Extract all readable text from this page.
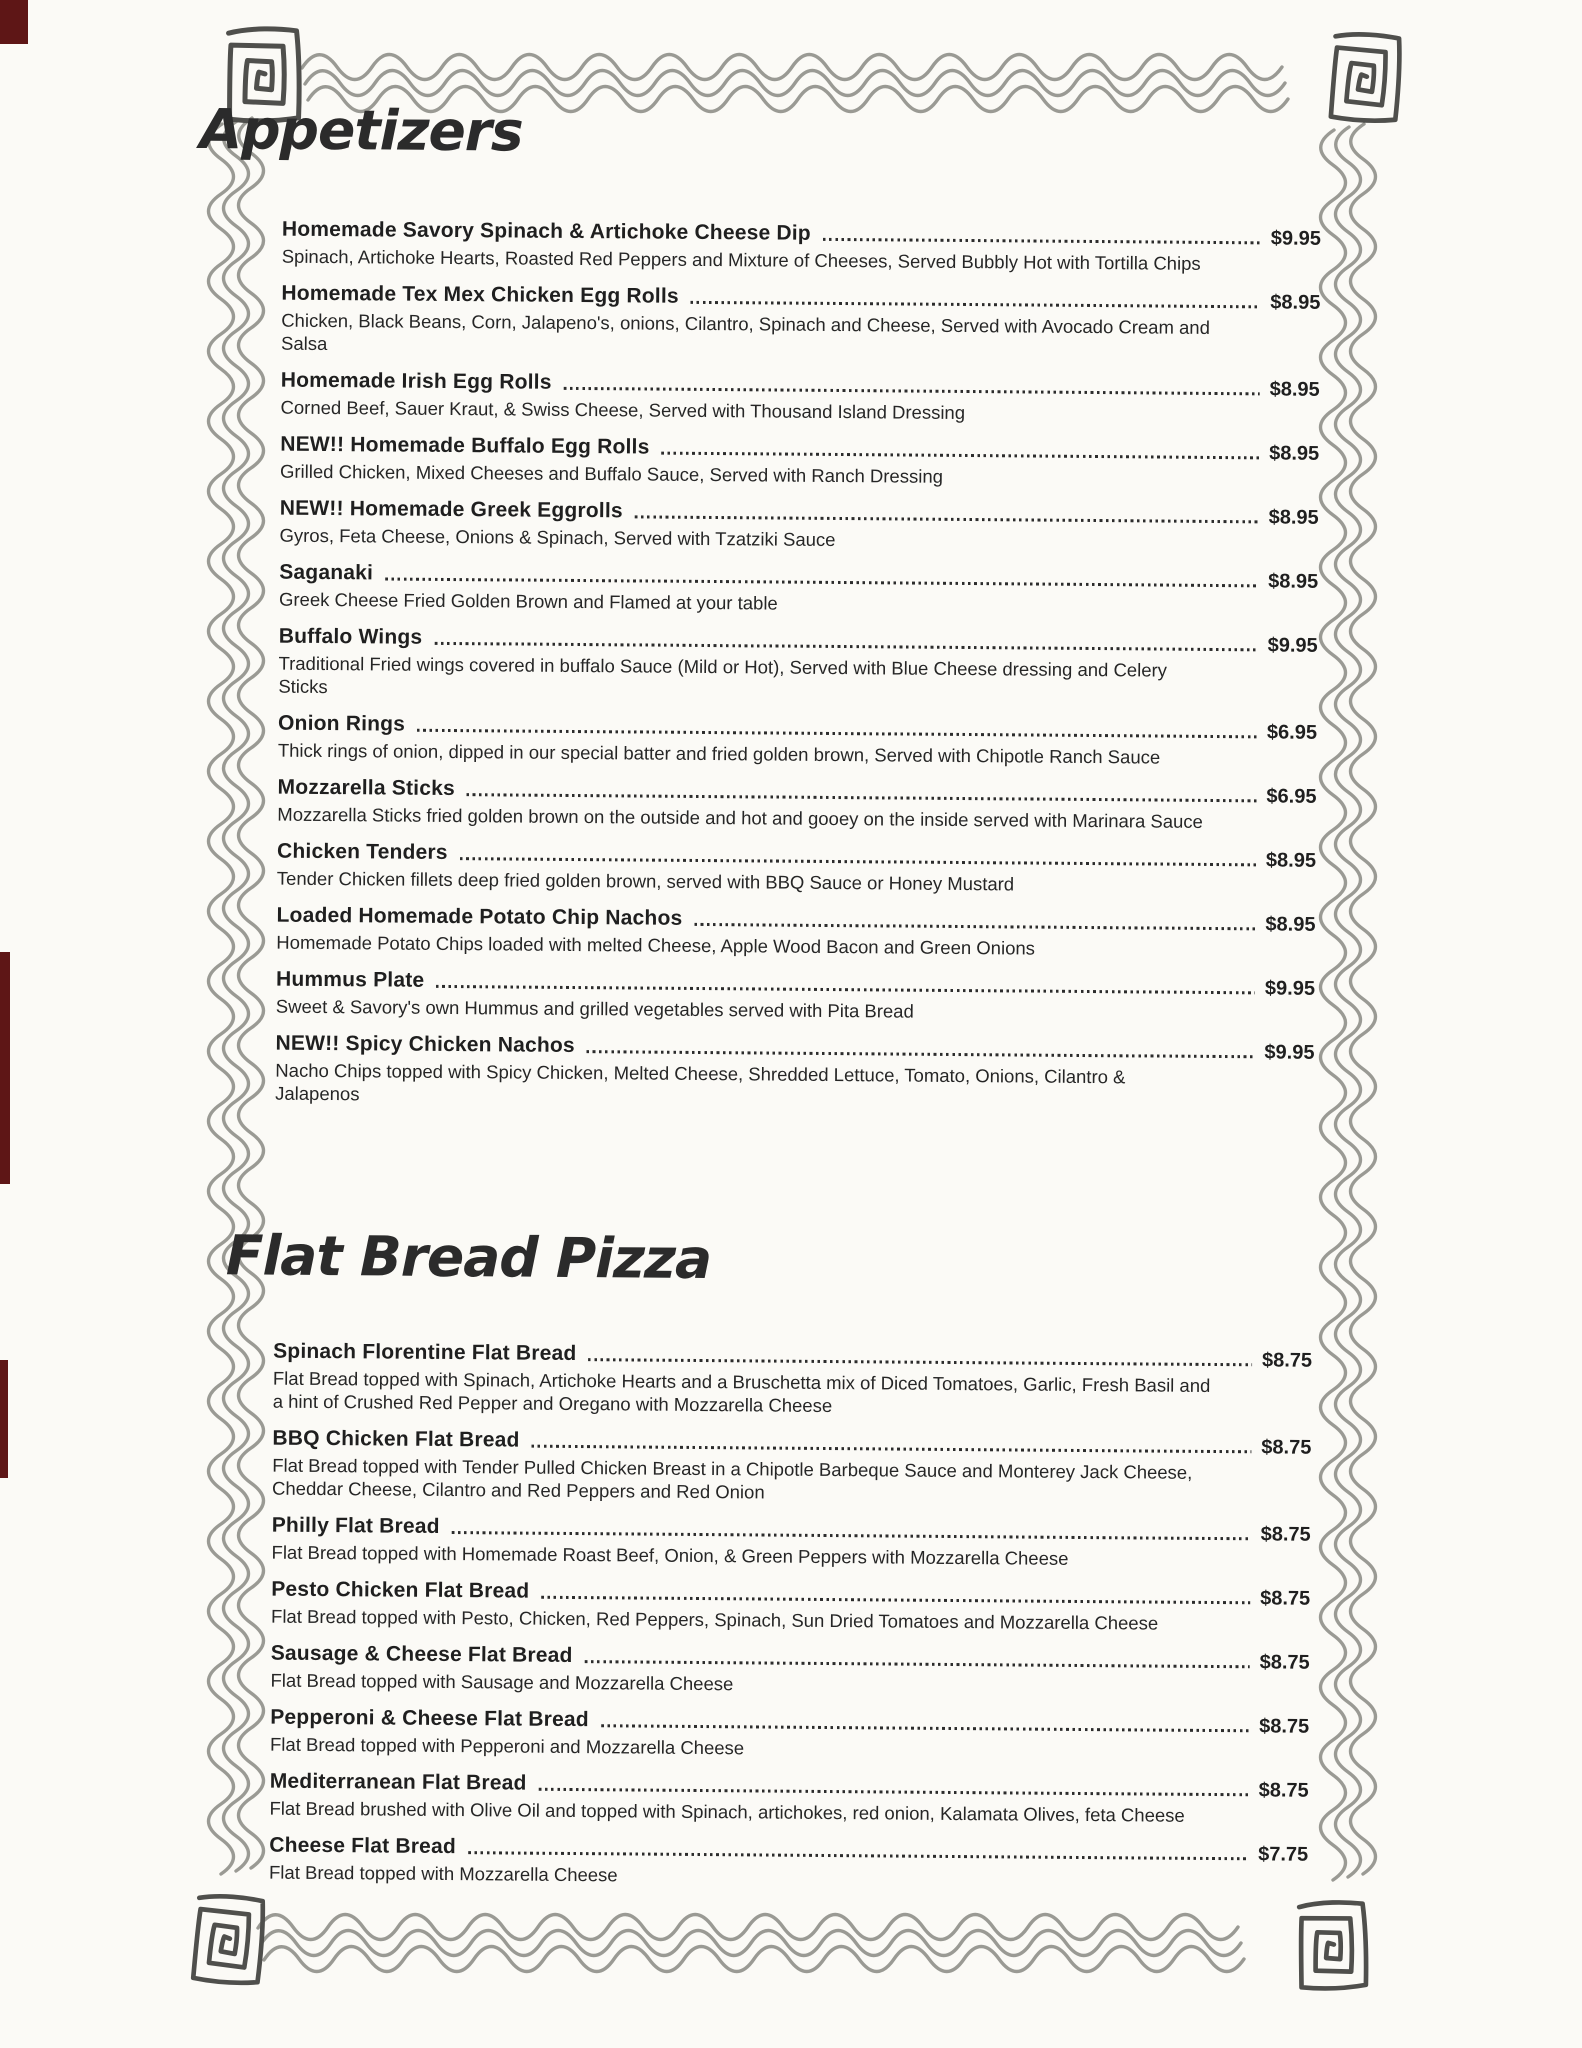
Appetizers
Homemade Savory Spinach & Artichoke Cheese Dip	$9.95
Spinach, Artichoke Hearts, Roasted Red Peppers and Mixture of Cheeses, Served Bubbly Hot with Tortilla Chips
Homemade Tex Mex Chicken Egg Rolls	$8.95
Chicken, Black Beans, Corn, Jalapeno's, onions, Cilantro, Spinach and Cheese, Served with Avocado Cream and Salsa
Homemade Irish Egg Rolls	$8.95
Corned Beef, Sauer Kraut, & Swiss Cheese, Served with Thousand Island Dressing
NEW!! Homemade Buffalo Egg Rolls	$8.95
Grilled Chicken, Mixed Cheeses and Buffalo Sauce, Served with Ranch Dressing
NEW!! Homemade Greek Eggrolls	$8.95
Gyros, Feta Cheese, Onions & Spinach, Served with Tzatziki Sauce
Saganaki	$8.95
Greek Cheese Fried Golden Brown and Flamed at your table
Buffalo Wings	$9.95
Traditional Fried wings covered in buffalo Sauce (Mild or Hot), Served with Blue Cheese dressing and Celery Sticks
Onion Rings	$6.95
Thick rings of onion, dipped in our special batter and fried golden brown, Served with Chipotle Ranch Sauce
Mozzarella Sticks	$6.95
Mozzarella Sticks fried golden brown on the outside and hot and gooey on the inside served with Marinara Sauce
Chicken Tenders	$8.95
Tender Chicken fillets deep fried golden brown, served with BBQ Sauce or Honey Mustard
Loaded Homemade Potato Chip Nachos	$8.95
Homemade Potato Chips loaded with melted Cheese, Apple Wood Bacon and Green Onions
Hummus Plate	$9.95
Sweet & Savory's own Hummus and grilled vegetables served with Pita Bread
NEW!! Spicy Chicken Nachos	$9.95
Nacho Chips topped with Spicy Chicken, Melted Cheese, Shredded Lettuce, Tomato, Onions, Cilantro & Jalapenos
Flat Bread Pizza
Spinach Florentine Flat Bread	$8.75
Flat Bread topped with Spinach, Artichoke Hearts and a Bruschetta mix of Diced Tomatoes, Garlic, Fresh Basil and a hint of Crushed Red Pepper and Oregano with Mozzarella Cheese
BBQ Chicken Flat Bread	$8.75
Flat Bread topped with Tender Pulled Chicken Breast in a Chipotle Barbeque Sauce and Monterey Jack Cheese, Cheddar Cheese, Cilantro and Red Peppers and Red Onion
Philly Flat Bread	$8.75
Flat Bread topped with Homemade Roast Beef, Onion, & Green Peppers with Mozzarella Cheese
Pesto Chicken Flat Bread	$8.75
Flat Bread topped with Pesto, Chicken, Red Peppers, Spinach, Sun Dried Tomatoes and Mozzarella Cheese
Sausage & Cheese Flat Bread	$8.75
Flat Bread topped with Sausage and Mozzarella Cheese
Pepperoni & Cheese Flat Bread	$8.75
Flat Bread topped with Pepperoni and Mozzarella Cheese
Mediterranean Flat Bread	$8.75
Flat Bread brushed with Olive Oil and topped with Spinach, artichokes, red onion, Kalamata Olives, feta Cheese
Cheese Flat Bread	$7.75
Flat Bread topped with Mozzarella Cheese
